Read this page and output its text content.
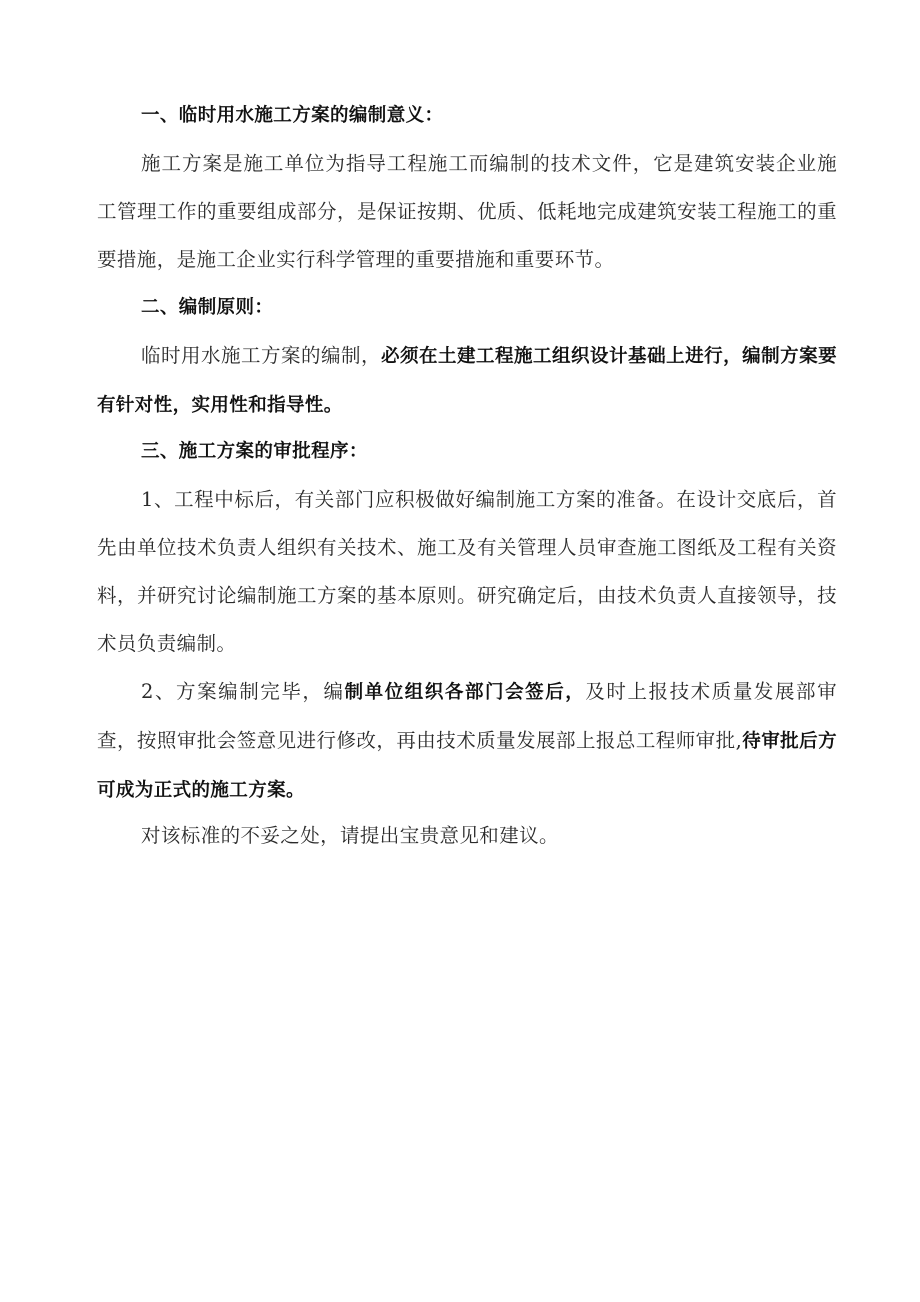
一、临时用水施工方案的编制意义：
施工方案是施工单位为指导工程施工而编制的技术文件，它是建筑安装企业施工管理工作的重要组成部分，是保证按期、优质、低耗地完成建筑安装工程施工的重要措施，是施工企业实行科学管理的重要措施和重要环节。
二、编制原则：
临时用水施工方案的编制，必须在土建工程施工组织设计基础上进行，编制方案要有针对性，实用性和指导性。
三、施工方案的审批程序：
1、工程中标后，有关部门应积极做好编制施工方案的准备。在设计交底后，首先由单位技术负责人组织有关技术、施工及有关管理人员审查施工图纸及工程有关资料，并研究讨论编制施工方案的基本原则。研究确定后，由技术负责人直接领导，技术员负责编制。
2、方案编制完毕，编制单位组织各部门会签后，及时上报技术质量发展部审查，按照审批会签意见进行修改，再由技术质量发展部上报总工程师审批,待审批后方可成为正式的施工方案。
对该标准的不妥之处，请提出宝贵意见和建议。
